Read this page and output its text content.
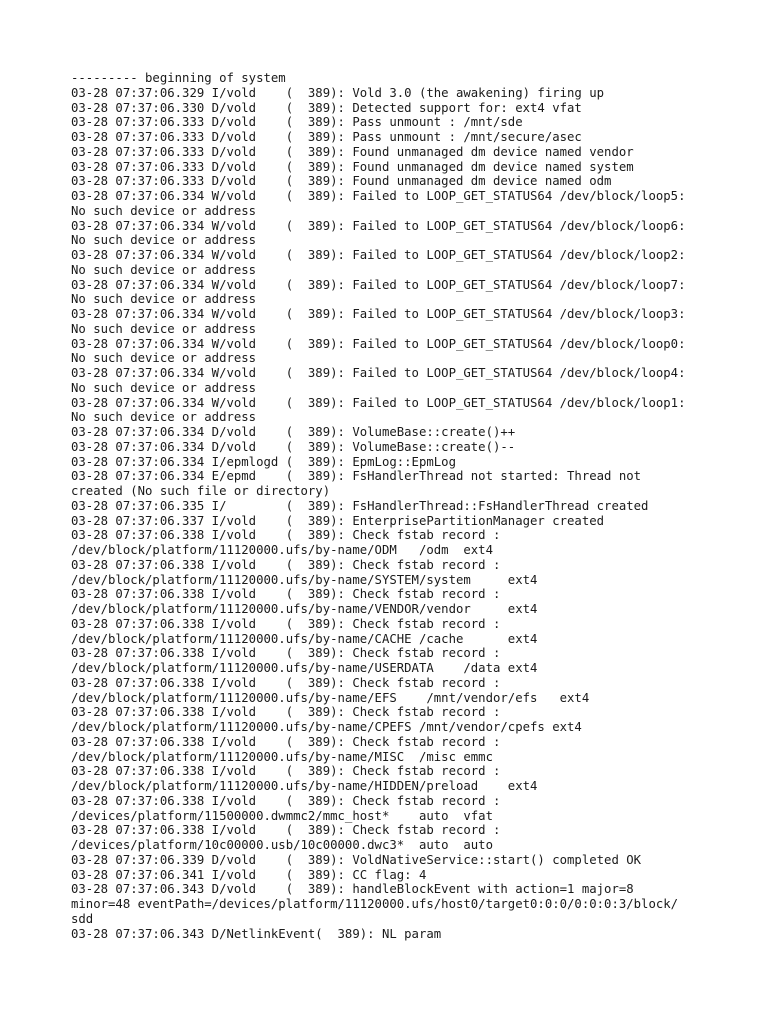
--------- beginning of system
03-28 07:37:06.329 I/vold    (  389): Vold 3.0 (the awakening) firing up
03-28 07:37:06.330 D/vold    (  389): Detected support for: ext4 vfat
03-28 07:37:06.333 D/vold    (  389): Pass unmount : /mnt/sde
03-28 07:37:06.333 D/vold    (  389): Pass unmount : /mnt/secure/asec
03-28 07:37:06.333 D/vold    (  389): Found unmanaged dm device named vendor
03-28 07:37:06.333 D/vold    (  389): Found unmanaged dm device named system
03-28 07:37:06.333 D/vold    (  389): Found unmanaged dm device named odm
03-28 07:37:06.334 W/vold    (  389): Failed to LOOP_GET_STATUS64 /dev/block/loop5:
No such device or address
03-28 07:37:06.334 W/vold    (  389): Failed to LOOP_GET_STATUS64 /dev/block/loop6:
No such device or address
03-28 07:37:06.334 W/vold    (  389): Failed to LOOP_GET_STATUS64 /dev/block/loop2:
No such device or address
03-28 07:37:06.334 W/vold    (  389): Failed to LOOP_GET_STATUS64 /dev/block/loop7:
No such device or address
03-28 07:37:06.334 W/vold    (  389): Failed to LOOP_GET_STATUS64 /dev/block/loop3:
No such device or address
03-28 07:37:06.334 W/vold    (  389): Failed to LOOP_GET_STATUS64 /dev/block/loop0:
No such device or address
03-28 07:37:06.334 W/vold    (  389): Failed to LOOP_GET_STATUS64 /dev/block/loop4:
No such device or address
03-28 07:37:06.334 W/vold    (  389): Failed to LOOP_GET_STATUS64 /dev/block/loop1:
No such device or address
03-28 07:37:06.334 D/vold    (  389): VolumeBase::create()++
03-28 07:37:06.334 D/vold    (  389): VolumeBase::create()--
03-28 07:37:06.334 I/epmlogd (  389): EpmLog::EpmLog
03-28 07:37:06.334 E/epmd    (  389): FsHandlerThread not started: Thread not
created (No such file or directory)
03-28 07:37:06.335 I/        (  389): FsHandlerThread::FsHandlerThread created
03-28 07:37:06.337 I/vold    (  389): EnterprisePartitionManager created
03-28 07:37:06.338 I/vold    (  389): Check fstab record :
/dev/block/platform/11120000.ufs/by-name/ODM   /odm  ext4
03-28 07:37:06.338 I/vold    (  389): Check fstab record :
/dev/block/platform/11120000.ufs/by-name/SYSTEM/system     ext4
03-28 07:37:06.338 I/vold    (  389): Check fstab record :
/dev/block/platform/11120000.ufs/by-name/VENDOR/vendor     ext4
03-28 07:37:06.338 I/vold    (  389): Check fstab record :
/dev/block/platform/11120000.ufs/by-name/CACHE /cache      ext4
03-28 07:37:06.338 I/vold    (  389): Check fstab record :
/dev/block/platform/11120000.ufs/by-name/USERDATA    /data ext4
03-28 07:37:06.338 I/vold    (  389): Check fstab record :
/dev/block/platform/11120000.ufs/by-name/EFS    /mnt/vendor/efs   ext4
03-28 07:37:06.338 I/vold    (  389): Check fstab record :
/dev/block/platform/11120000.ufs/by-name/CPEFS /mnt/vendor/cpefs ext4
03-28 07:37:06.338 I/vold    (  389): Check fstab record :
/dev/block/platform/11120000.ufs/by-name/MISC  /misc emmc
03-28 07:37:06.338 I/vold    (  389): Check fstab record :
/dev/block/platform/11120000.ufs/by-name/HIDDEN/preload    ext4
03-28 07:37:06.338 I/vold    (  389): Check fstab record :
/devices/platform/11500000.dwmmc2/mmc_host*    auto  vfat
03-28 07:37:06.338 I/vold    (  389): Check fstab record :
/devices/platform/10c00000.usb/10c00000.dwc3*  auto  auto
03-28 07:37:06.339 D/vold    (  389): VoldNativeService::start() completed OK
03-28 07:37:06.341 I/vold    (  389): CC flag: 4
03-28 07:37:06.343 D/vold    (  389): handleBlockEvent with action=1 major=8
minor=48 eventPath=/devices/platform/11120000.ufs/host0/target0:0:0/0:0:0:3/block/
sdd
03-28 07:37:06.343 D/NetlinkEvent(  389): NL param
